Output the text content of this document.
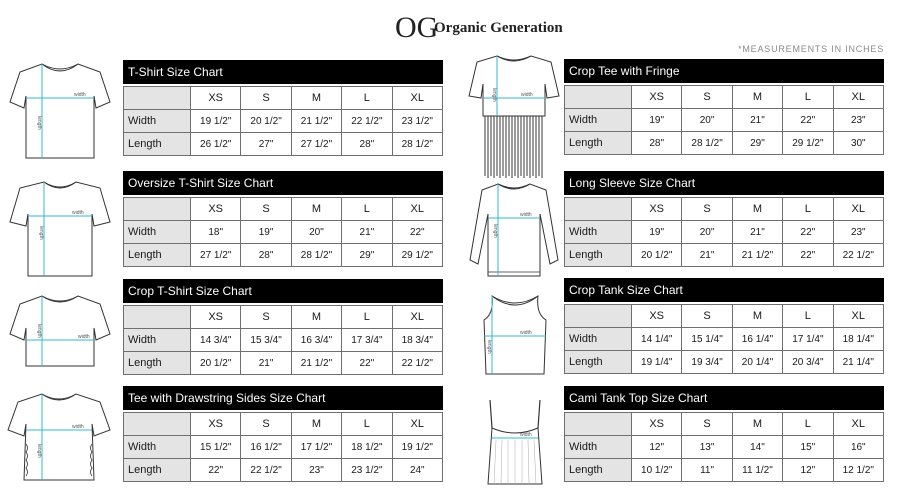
OG
Organic Generation
*MEASUREMENTS IN INCHES
width
length
width
length
width
length
width
length
width
length
width
length
width
length
width
T-Shirt Size Chart
	XS	S	M	L	XL
Width	19 1/2"	20 1/2"	21 1/2"	22 1/2"	23 1/2"
Length	26 1/2"	27"	27 1/2"	28"	28 1/2"
Oversize T-Shirt Size Chart
	XS	S	M	L	XL
Width	18"	19"	20"	21"	22"
Length	27 1/2"	28"	28 1/2"	29"	29 1/2"
Crop T-Shirt Size Chart
	XS	S	M	L	XL
Width	14 3/4"	15 3/4"	16 3/4"	17 3/4"	18 3/4"
Length	20 1/2"	21"	21 1/2"	22"	22 1/2"
Tee with Drawstring Sides Size Chart
	XS	S	M	L	XL
Width	15 1/2"	16 1/2"	17 1/2"	18 1/2"	19 1/2"
Length	22"	22 1/2"	23"	23 1/2"	24"
Crop Tee with Fringe
	XS	S	M	L	XL
Width	19"	20"	21"	22"	23"
Length	28"	28 1/2"	29"	29 1/2"	30"
Long Sleeve Size Chart
	XS	S	M	L	XL
Width	19"	20"	21"	22"	23"
Length	20 1/2"	21"	21 1/2"	22"	22 1/2"
Crop Tank Size Chart
	XS	S	M	L	XL
Width	14 1/4"	15 1/4"	16 1/4"	17 1/4"	18 1/4"
Length	19 1/4"	19 3/4"	20 1/4"	20 3/4"	21 1/4"
Cami Tank Top Size Chart
	XS	S	M	L	XL
Width	12"	13"	14"	15"	16"
Length	10 1/2"	11"	11 1/2"	12"	12 1/2"
